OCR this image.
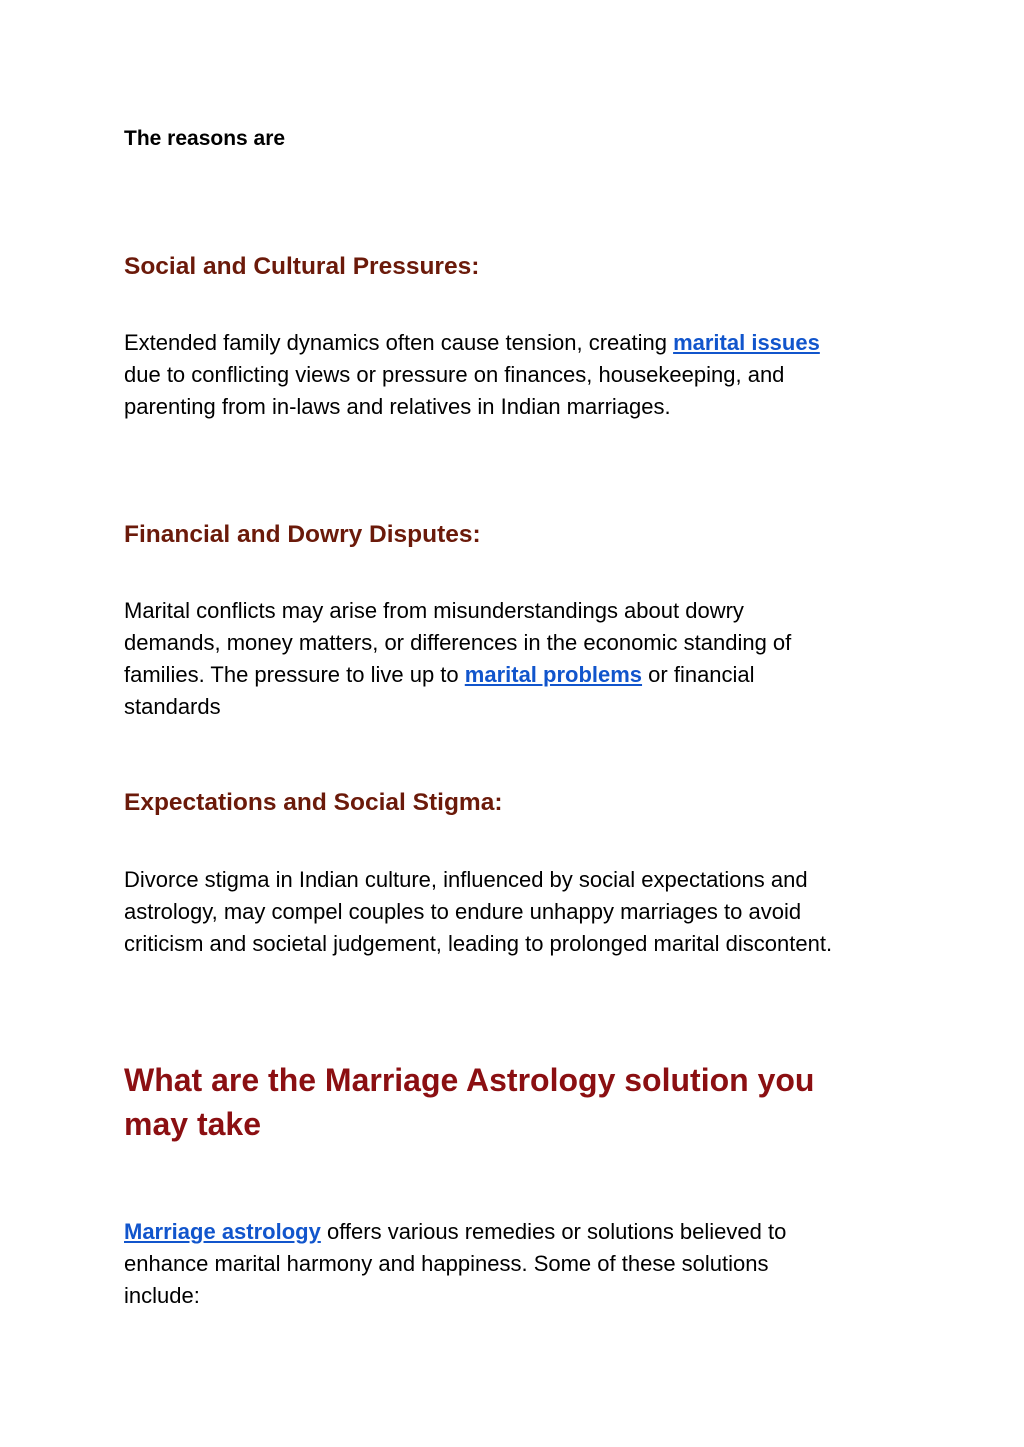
The reasons are

Social and Cultural Pressures:
Extended family dynamics often cause tension, creating marital issues
due to conflicting views or pressure on finances, housekeeping, and
parenting from in-laws and relatives in Indian marriages.
Financial and Dowry Disputes:
Marital conflicts may arise from misunderstandings about dowry
demands, money matters, or differences in the economic standing of
families. The pressure to live up to marital problems or financial
standards
Expectations and Social Stigma:
Divorce stigma in Indian culture, influenced by social expectations and
astrology, may compel couples to endure unhappy marriages to avoid
criticism and societal judgement, leading to prolonged marital discontent.
What are the Marriage Astrology solution you
may take
Marriage astrology offers various remedies or solutions believed to
enhance marital harmony and happiness. Some of these solutions
include:
